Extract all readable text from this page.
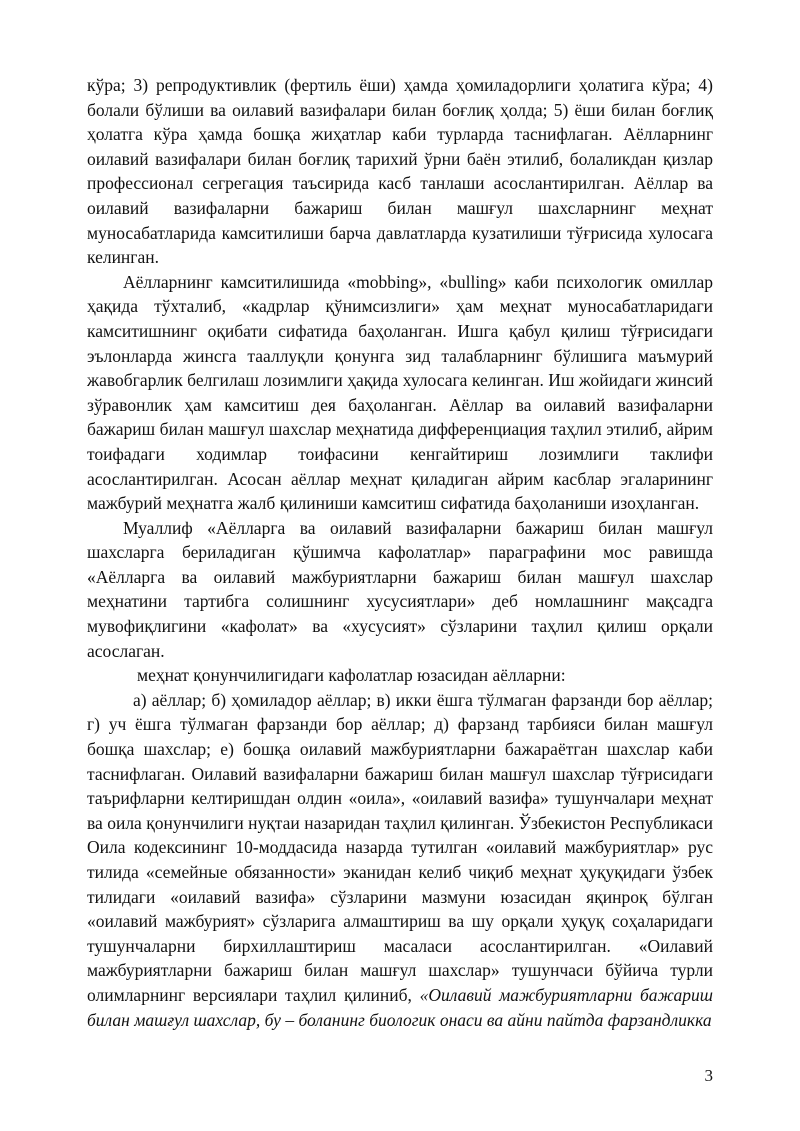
кўра; 3) репродуктивлик (фертиль ёши) ҳамда ҳомиладорлиги ҳолатига кўра; 4) болали бўлиши ва оилавий вазифалари билан боғлиқ ҳолда; 5) ёши билан боғлиқ ҳолатга кўра ҳамда бошқа жиҳатлар каби турларда таснифлаган. Аёлларнинг оилавий вазифалари билан боғлиқ тарихий ўрни баён этилиб, болаликдан қизлар профессионал сегрегация таъсирида касб танлаши асослантирилган. Аёллар ва оилавий вазифаларни бажариш билан машғул шахсларнинг меҳнат муносабатларида камситилиши барча давлатларда кузатилиши тўғрисида хулосага келинган.

Аёлларнинг камситилишида «mobbing», «bulling» каби психологик омиллар ҳақида тўхталиб, «кадрлар қўнимсизлиги» ҳам меҳнат муносабатларидаги камситишнинг оқибати сифатида баҳоланган. Ишга қабул қилиш тўғрисидаги эълонларда жинсга тааллуқли қонунга зид талабларнинг бўлишига маъмурий жавобгарлик белгилаш лозимлиги ҳақида хулосага келинган. Иш жойидаги жинсий зўравонлик ҳам камситиш дея баҳоланган. Аёллар ва оилавий вазифаларни бажариш билан машғул шахслар меҳнатида дифференциация таҳлил этилиб, айрим тоифадаги ходимлар тоифасини кенгайтириш лозимлиги таклифи асослантирилган. Асосан аёллар меҳнат қиладиган айрим касблар эгаларининг мажбурий меҳнатга жалб қилиниши камситиш сифатида баҳоланиши изоҳланган.

Муаллиф «Аёлларга ва оилавий вазифаларни бажариш билан машғул шахсларга бериладиган қўшимча кафолатлар» параграфини мос равишда «Аёлларга ва оилавий мажбуриятларни бажариш билан машғул шахслар меҳнатини тартибга солишнинг хусусиятлари» деб номлашнинг мақсадга мувофиқлигини «кафолат» ва «хусусият» сўзларини таҳлил қилиш орқали асослаган.

меҳнат қонунчилигидаги кафолатлар юзасидан аёлларни:

а) аёллар; б) ҳомиладор аёллар; в) икки ёшга тўлмаган фарзанди бор аёллар; г) уч ёшга тўлмаган фарзанди бор аёллар; д) фарзанд тарбияси билан машғул бошқа шахслар; е) бошқа оилавий мажбуриятларни бажараётган шахслар каби таснифлаган. Оилавий вазифаларни бажариш билан машғул шахслар тўғрисидаги таърифларни келтиришдан олдин «оила», «оилавий вазифа» тушунчалари меҳнат ва оила қонунчилиги нуқтаи назаридан таҳлил қилинган. Ўзбекистон Республикаси Оила кодексининг 10-моддасида назарда тутилган «оилавий мажбуриятлар» рус тилида «семейные обязанности» эканидан келиб чиқиб меҳнат ҳуқуқидаги ўзбек тилидаги «оилавий вазифа» сўзларини мазмуни юзасидан яқинроқ бўлган «оилавий мажбурият» сўзларига алмаштириш ва шу орқали ҳуқуқ соҳаларидаги тушунчаларни бирхиллаштириш масаласи асослантирилган. «Оилавий мажбуриятларни бажариш билан машғул шахслар» тушунчаси бўйича турли олимларнинг версиялари таҳлил қилиниб, «Оилавий мажбуриятларни бажариш билан машғул шахслар, бу – боланинг биологик онаси ва айни пайтда фарзандликка

3
